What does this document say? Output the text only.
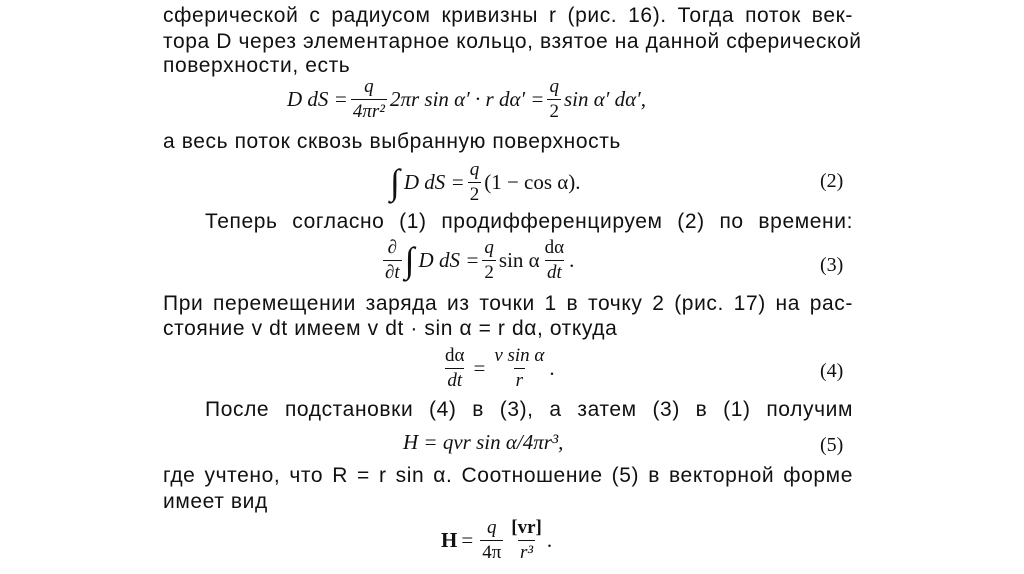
сферической с радиусом кривизны r (рис. 16). Тогда поток век-
тора D через элементарное кольцо, взятое на данной сферической
поверхности, есть
D dS = $\frac{q}{\text{4πr²}} 2\pi r$ sin α′ · r $d\alpha' = \frac{q}{2}$ sin α′ dα′,
а весь поток сквозь выбранную поверхность
∫ D dS = $\frac{q}{2} (1 - \cos \alpha)$.	(2)
Теперь согласно (1) продифференцируем (2) по времени:
$\frac{\partial}{\partial t}$ ∫ D dS = $\frac{q}{2}$ sin α $\frac{d\alpha}{dt}$ .	(3)
При перемещении заряда из точки 1 в точку 2 (рис. 17) на рас-
стояние v dt имеем v dt · sin α = r dα, откуда
$\frac{d\alpha}{dt} = \frac{\text{v sin α}}{r}$ .	(4)
После подстановки (4) в (3), а затем (3) в (1) получим
H = qvr sin α/4πr³,	(5)
где учтено, что R = r sin α. Соотношение (5) в векторной форме
имеет вид
$H = \frac{q}{4\pi} \frac{[vr]}{\text{r³}}$ .
